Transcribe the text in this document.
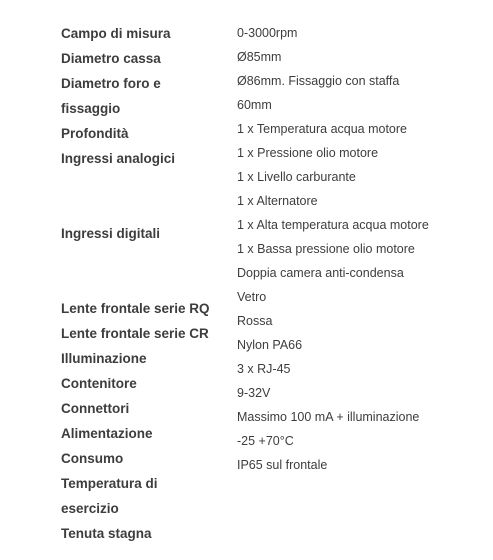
Campo di misura
Diametro cassa
Diametro foro e
fissaggio
Profondità
Ingressi analogici
Ingressi digitali
Lente frontale serie RQ
Lente frontale serie CR
Illuminazione
Contenitore
Connettori
Alimentazione
Consumo
Temperatura di
esercizio
Tenuta stagna
0-3000rpm
Ø85mm
Ø86mm. Fissaggio con staffa
60mm
1 x Temperatura acqua motore
1 x Pressione olio motore
1 x Livello carburante
1 x Alternatore
1 x Alta temperatura acqua motore
1 x Bassa pressione olio motore
Doppia camera anti-condensa
Vetro
Rossa
Nylon PA66
3 x RJ-45
9-32V
Massimo 100 mA + illuminazione
-25 +70°C
IP65 sul frontale
